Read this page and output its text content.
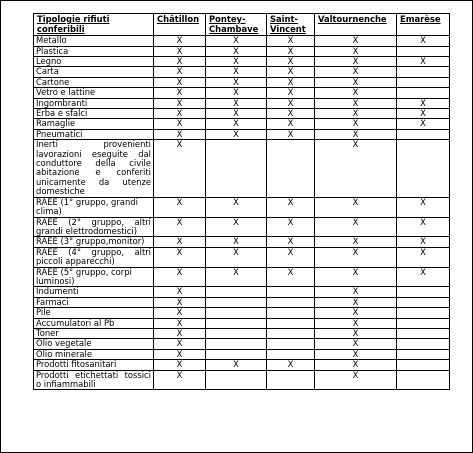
Tipologie rifiuti conferibili	Châtillon	Pontey-Chambave	Saint-Vincent	Valtournenche	Emarèse
Metallo	X	X	X	X	X
Plastica	X	X	X	X	
Legno	X	X	X	X	X
Carta	X	X	X	X	
Cartone	X	X	X	X	
Vetro e lattine	X	X	X	X	
Ingombranti	X	X	X	X	X
Erba e sfalci	X	X	X	X	X
Ramaglie	X	X	X	X	X
Pneumatici	X	X	X	X	
Inerti provenienti lavorazioni eseguite dal conduttore della civile abitazione e conferiti unicamente da utenze domestiche	X			X	
RAEE (1° gruppo, grandi clima)	X	X	X	X	X
RAEE (2° gruppo, altri grandi elettrodomestici)	X	X	X	X	X
RAEE (3° gruppo,monitor)	X	X	X	X	X
RAEE (4° gruppo, altri piccoli apparecchi)	X	X	X	X	X
RAEE (5° gruppo, corpi luminosi)	X	X	X	X	X
Indumenti	X			X	
Farmaci	X			X	
Pile	X			X	
Accumulatori al Pb	X			X	
Toner	X			X	
Olio vegetale	X			X	
Olio minerale	X			X	
Prodotti fitosanitari	X	X	X	X	
Prodotti etichettati tossici o infiammabili	X			X	
